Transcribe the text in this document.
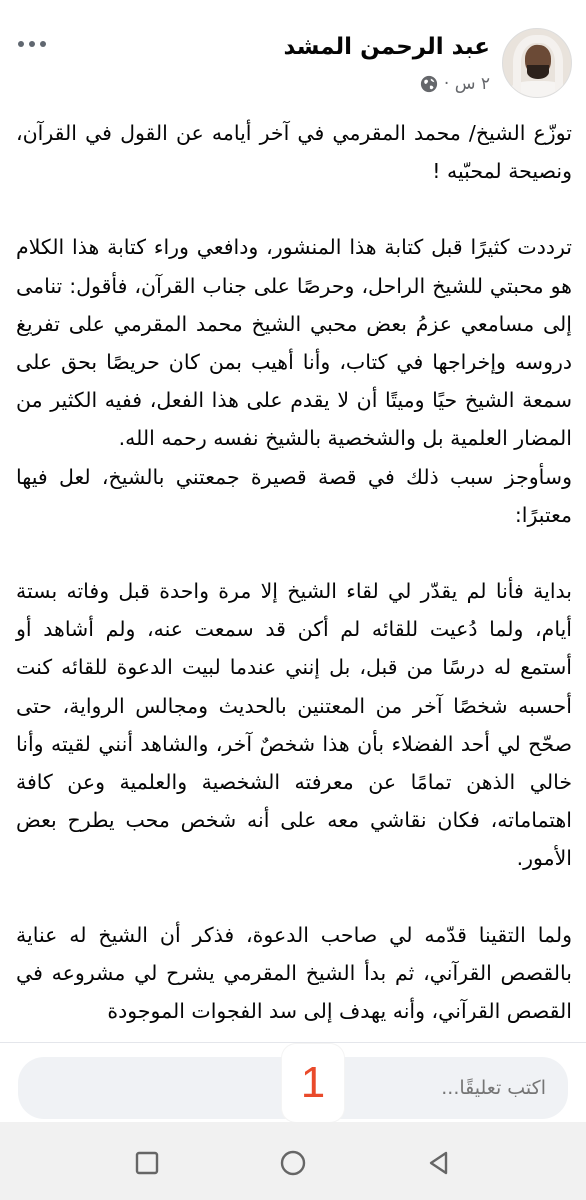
عبد الرحمن المشد
٢ س ·

توزّع الشيخ/ محمد المقرمي في آخر أيامه عن القول في القرآن، ونصيحة لمحبّيه !

ترددت كثيرًا قبل كتابة هذا المنشور، ودافعي وراء كتابة هذا الكلام هو محبتي للشيخ الراحل، وحرصًا على جناب القرآن، فأقول: تنامى إلى مسامعي عزمُ بعض محبي الشيخ محمد المقرمي على تفريغ دروسه وإخراجها في كتاب، وأنا أهيب بمن كان حريصًا بحق على سمعة الشيخ حيًا وميتًا أن لا يقدم على هذا الفعل، ففيه الكثير من المضار العلمية بل والشخصية بالشيخ نفسه رحمه الله.

وسأوجز سبب ذلك في قصة قصيرة جمعتني بالشيخ، لعل فيها معتبرًا:

بداية فأنا لم يقدّر لي لقاء الشيخ إلا مرة واحدة قبل وفاته بستة أيام، ولما دُعيت للقائه لم أكن قد سمعت عنه، ولم أشاهد أو أستمع له درسًا من قبل، بل إنني عندما لبيت الدعوة للقائه كنت أحسبه شخصًا آخر من المعتنين بالحديث ومجالس الرواية، حتى صحّح لي أحد الفضلاء بأن هذا شخصٌ آخر، والشاهد أنني لقيته وأنا خالي الذهن تمامًا عن معرفته الشخصية والعلمية وعن كافة اهتماماته، فكان نقاشي معه على أنه شخص محب يطرح بعض الأمور.

ولما التقينا قدّمه لي صاحب الدعوة، فذكر أن الشيخ له عناية بالقصص القرآني، ثم بدأ الشيخ المقرمي يشرح لي مشروعه في القصص القرآني، وأنه يهدف إلى سد الفجوات الموجودة

اكتب تعليقًا...
1
